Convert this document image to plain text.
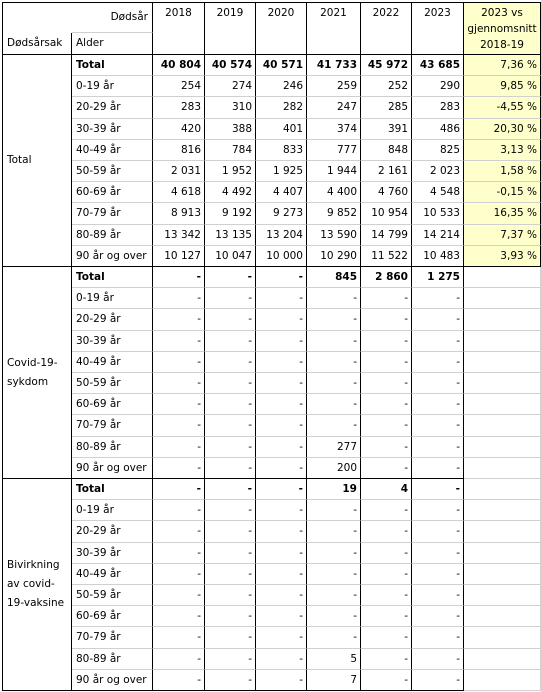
Dødsår
Dødsårsak	Alder
2018	2019	2020	2021	2022	2023	2023 vs gjennomsnitt 2018-19
Total
Total	40 804	40 574	40 571	41 733	45 972	43 685	7,36 %
0-19 år	254	274	246	259	252	290	9,85 %
20-29 år	283	310	282	247	285	283	-4,55 %
30-39 år	420	388	401	374	391	486	20,30 %
40-49 år	816	784	833	777	848	825	3,13 %
50-59 år	2 031	1 952	1 925	1 944	2 161	2 023	1,58 %
60-69 år	4 618	4 492	4 407	4 400	4 760	4 548	-0,15 %
70-79 år	8 913	9 192	9 273	9 852	10 954	10 533	16,35 %
80-89 år	13 342	13 135	13 204	13 590	14 799	14 214	7,37 %
90 år og over	10 127	10 047	10 000	10 290	11 522	10 483	3,93 %
Covid-19-sykdom
Total	-	-	-	845	2 860	1 275
0-19 år	-	-	-	-	-	-
20-29 år	-	-	-	-	-	-
30-39 år	-	-	-	-	-	-
40-49 år	-	-	-	-	-	-
50-59 år	-	-	-	-	-	-
60-69 år	-	-	-	-	-	-
70-79 år	-	-	-	-	-	-
80-89 år	-	-	-	277	-	-
90 år og over	-	-	-	200	-	-
Bivirkning av covid-19-vaksine
Total	-	-	-	19	4	-
0-19 år	-	-	-	-	-	-
20-29 år	-	-	-	-	-	-
30-39 år	-	-	-	-	-	-
40-49 år	-	-	-	-	-	-
50-59 år	-	-	-	-	-	-
60-69 år	-	-	-	-	-	-
70-79 år	-	-	-	-	-	-
80-89 år	-	-	-	5	-	-
90 år og over	-	-	-	7	-	-
